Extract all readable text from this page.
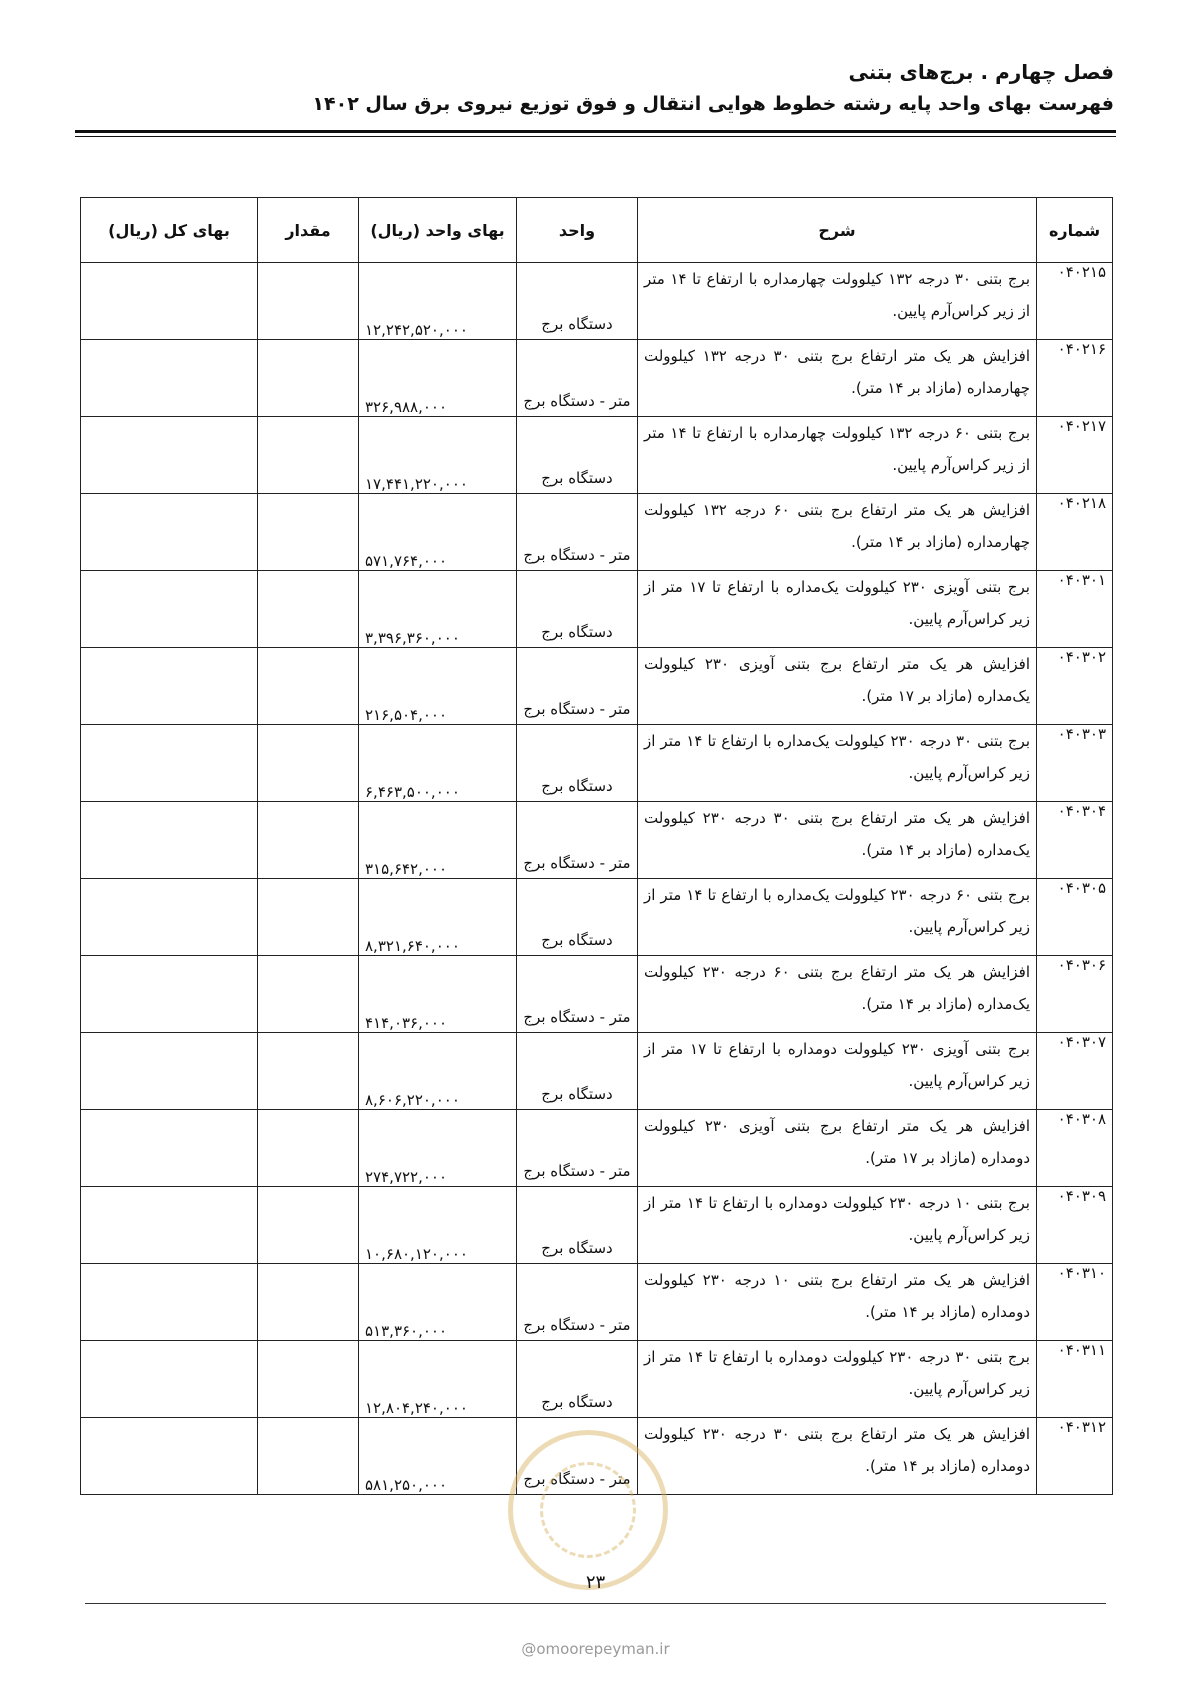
فصل چهارم . برج‌های بتنی
فهرست بهای واحد پایه رشته خطوط هوایی انتقال و فوق توزیع نیروی برق سال ۱۴۰۲
شماره	شرح	واحد	بهای واحد (ریال)	مقدار	بهای کل (ریال)
۰۴۰۲۱۵	برج بتنی ۳۰ درجه ۱۳۲ کیلوولت چهارمداره با ارتفاع تا ۱۴ متر از زیر کراس‌آرم پایین.	دستگاه برج	۱۲,۲۴۲,۵۲۰,۰۰۰		
۰۴۰۲۱۶	افزایش هر یک متر ارتفاع برج بتنی ۳۰ درجه ۱۳۲ کیلوولت چهارمداره (مازاد بر ۱۴ متر).	متر - دستگاه برج	۳۲۶,۹۸۸,۰۰۰		
۰۴۰۲۱۷	برج بتنی ۶۰ درجه ۱۳۲ کیلوولت چهارمداره با ارتفاع تا ۱۴ متر از زیر کراس‌آرم پایین.	دستگاه برج	۱۷,۴۴۱,۲۲۰,۰۰۰		
۰۴۰۲۱۸	افزایش هر یک متر ارتفاع برج بتنی ۶۰ درجه ۱۳۲ کیلوولت چهارمداره (مازاد بر ۱۴ متر).	متر - دستگاه برج	۵۷۱,۷۶۴,۰۰۰		
۰۴۰۳۰۱	برج بتنی آویزی ۲۳۰ کیلوولت یک‌مداره با ارتفاع تا ۱۷ متر از زیر کراس‌آرم پایین.	دستگاه برج	۳,۳۹۶,۳۶۰,۰۰۰		
۰۴۰۳۰۲	افزایش هر یک متر ارتفاع برج بتنی آویزی ۲۳۰ کیلوولت یک‌مداره (مازاد بر ۱۷ متر).	متر - دستگاه برج	۲۱۶,۵۰۴,۰۰۰		
۰۴۰۳۰۳	برج بتنی ۳۰ درجه ۲۳۰ کیلوولت یک‌مداره با ارتفاع تا ۱۴ متر از زیر کراس‌آرم پایین.	دستگاه برج	۶,۴۶۳,۵۰۰,۰۰۰		
۰۴۰۳۰۴	افزایش هر یک متر ارتفاع برج بتنی ۳۰ درجه ۲۳۰ کیلوولت یک‌مداره (مازاد بر ۱۴ متر).	متر - دستگاه برج	۳۱۵,۶۴۲,۰۰۰		
۰۴۰۳۰۵	برج بتنی ۶۰ درجه ۲۳۰ کیلوولت یک‌مداره با ارتفاع تا ۱۴ متر از زیر کراس‌آرم پایین.	دستگاه برج	۸,۳۲۱,۶۴۰,۰۰۰		
۰۴۰۳۰۶	افزایش هر یک متر ارتفاع برج بتنی ۶۰ درجه ۲۳۰ کیلوولت یک‌مداره (مازاد بر ۱۴ متر).	متر - دستگاه برج	۴۱۴,۰۳۶,۰۰۰		
۰۴۰۳۰۷	برج بتنی آویزی ۲۳۰ کیلوولت دومداره با ارتفاع تا ۱۷ متر از زیر کراس‌آرم پایین.	دستگاه برج	۸,۶۰۶,۲۲۰,۰۰۰		
۰۴۰۳۰۸	افزایش هر یک متر ارتفاع برج بتنی آویزی ۲۳۰ کیلوولت دومداره (مازاد بر ۱۷ متر).	متر - دستگاه برج	۲۷۴,۷۲۲,۰۰۰		
۰۴۰۳۰۹	برج بتنی ۱۰ درجه ۲۳۰ کیلوولت دومداره با ارتفاع تا ۱۴ متر از زیر کراس‌آرم پایین.	دستگاه برج	۱۰,۶۸۰,۱۲۰,۰۰۰		
۰۴۰۳۱۰	افزایش هر یک متر ارتفاع برج بتنی ۱۰ درجه ۲۳۰ کیلوولت دومداره (مازاد بر ۱۴ متر).	متر - دستگاه برج	۵۱۳,۳۶۰,۰۰۰		
۰۴۰۳۱۱	برج بتنی ۳۰ درجه ۲۳۰ کیلوولت دومداره با ارتفاع تا ۱۴ متر از زیر کراس‌آرم پایین.	دستگاه برج	۱۲,۸۰۴,۲۴۰,۰۰۰		
۰۴۰۳۱۲	افزایش هر یک متر ارتفاع برج بتنی ۳۰ درجه ۲۳۰ کیلوولت دومداره (مازاد بر ۱۴ متر).	متر - دستگاه برج	۵۸۱,۲۵۰,۰۰۰		
۲۳
@omoorepeyman.ir
